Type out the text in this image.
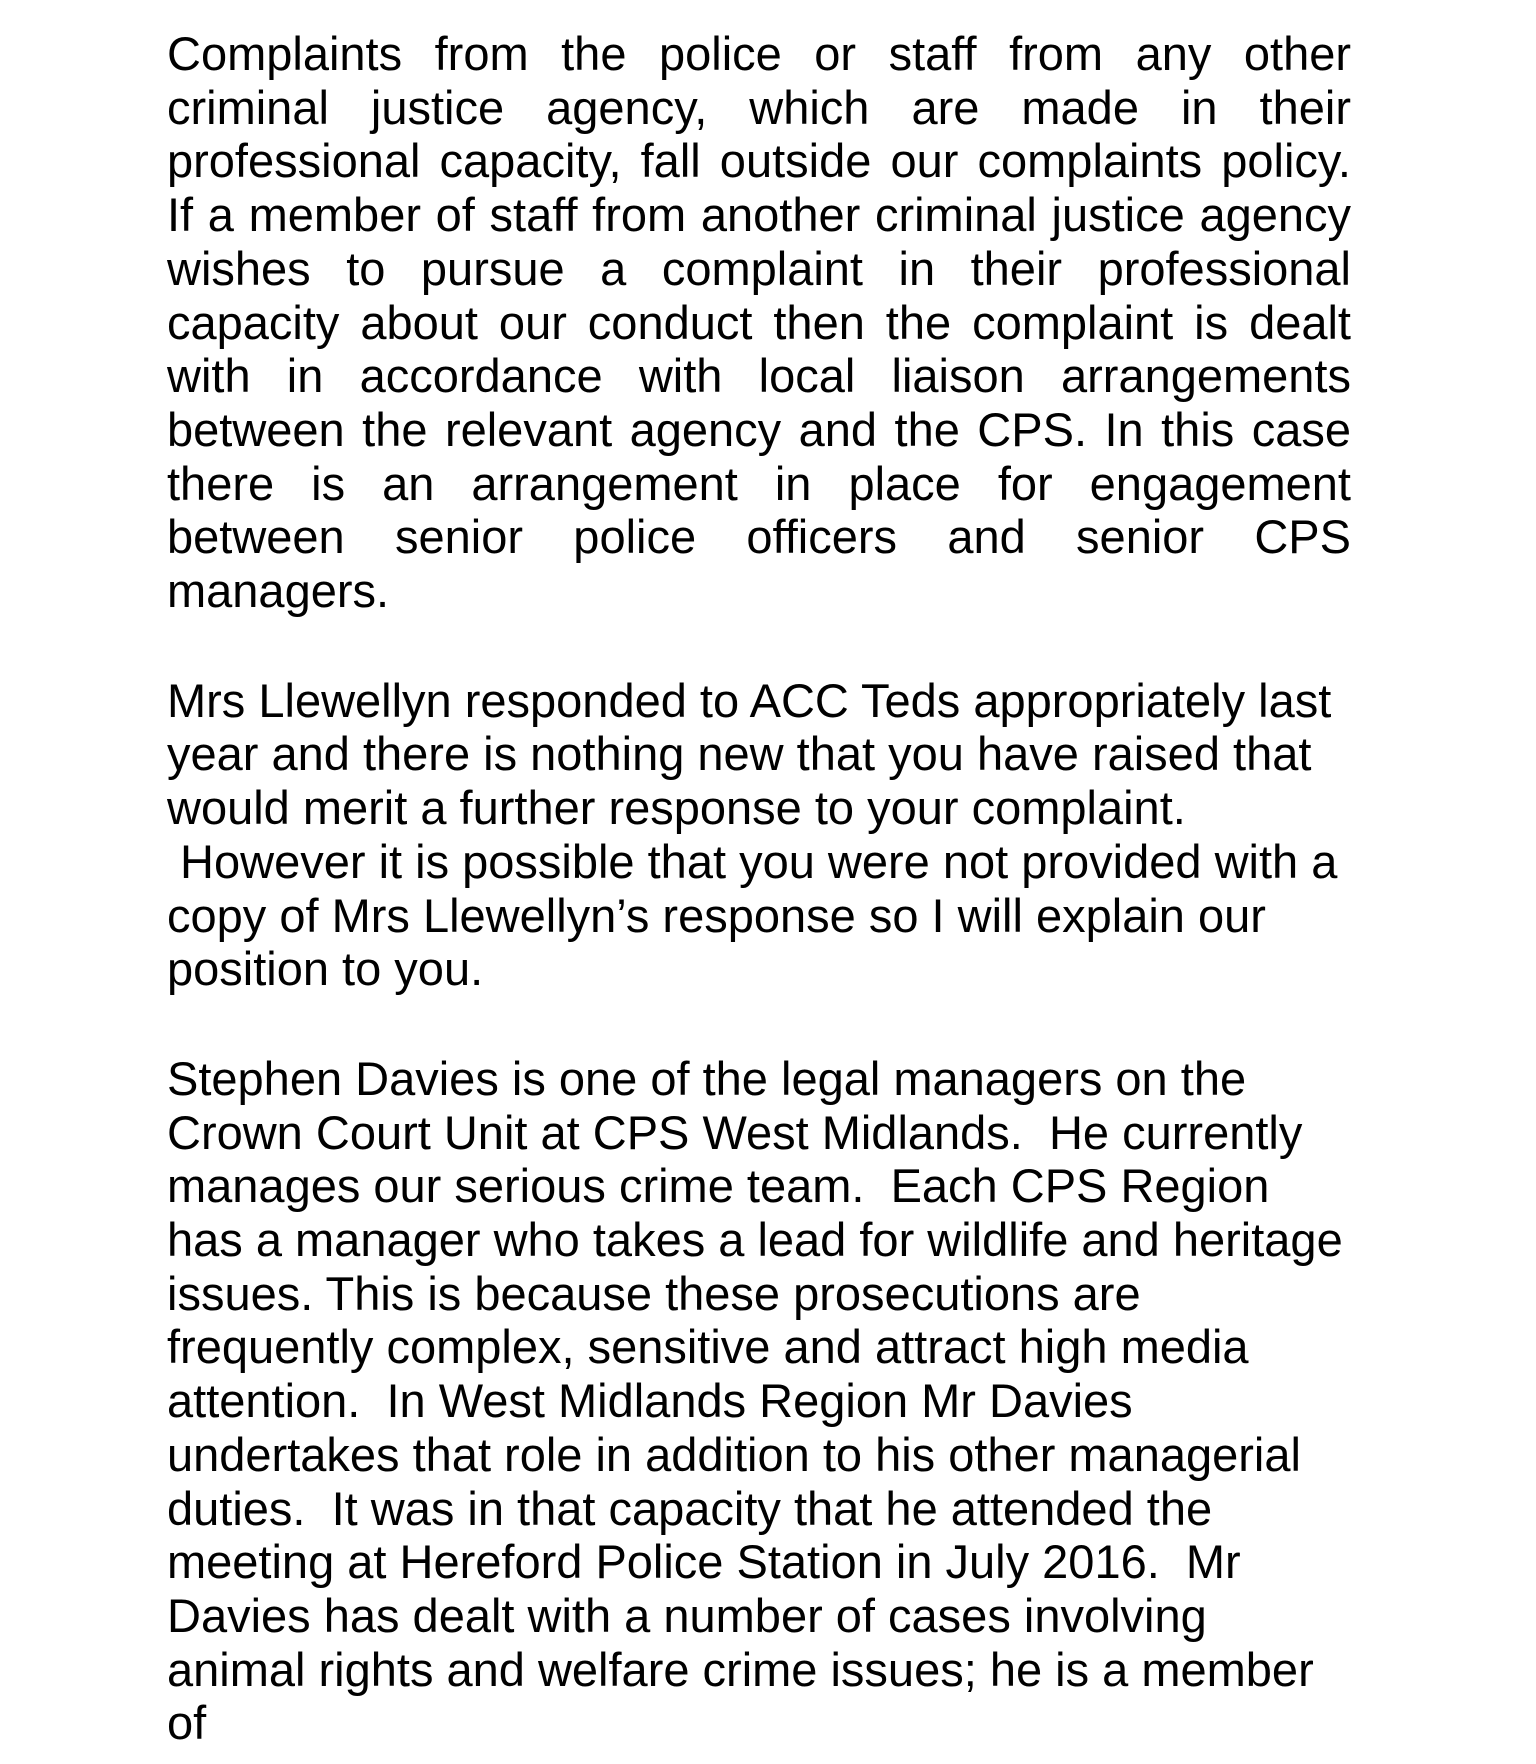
Complaints from the police or staff from any other
criminal justice agency, which are made in their
professional capacity, fall outside our complaints policy.
If a member of staff from another criminal justice agency
wishes to pursue a complaint in their professional
capacity about our conduct then the complaint is dealt
with in accordance with local liaison arrangements
between the relevant agency and the CPS. In this case
there is an arrangement in place for engagement
between senior police officers and senior CPS
managers.
Mrs Llewellyn responded to ACC Teds appropriately last
year and there is nothing new that you have raised that
would merit a further response to your complaint.
However it is possible that you were not provided with a
copy of Mrs Llewellyn’s response so I will explain our
position to you.
Stephen Davies is one of the legal managers on the
Crown Court Unit at CPS West Midlands.  He currently
manages our serious crime team.  Each CPS Region
has a manager who takes a lead for wildlife and heritage
issues. This is because these prosecutions are
frequently complex, sensitive and attract high media
attention.  In West Midlands Region Mr Davies
undertakes that role in addition to his other managerial
duties.  It was in that capacity that he attended the
meeting at Hereford Police Station in July 2016.  Mr
Davies has dealt with a number of cases involving
animal rights and welfare crime issues; he is a member
of
